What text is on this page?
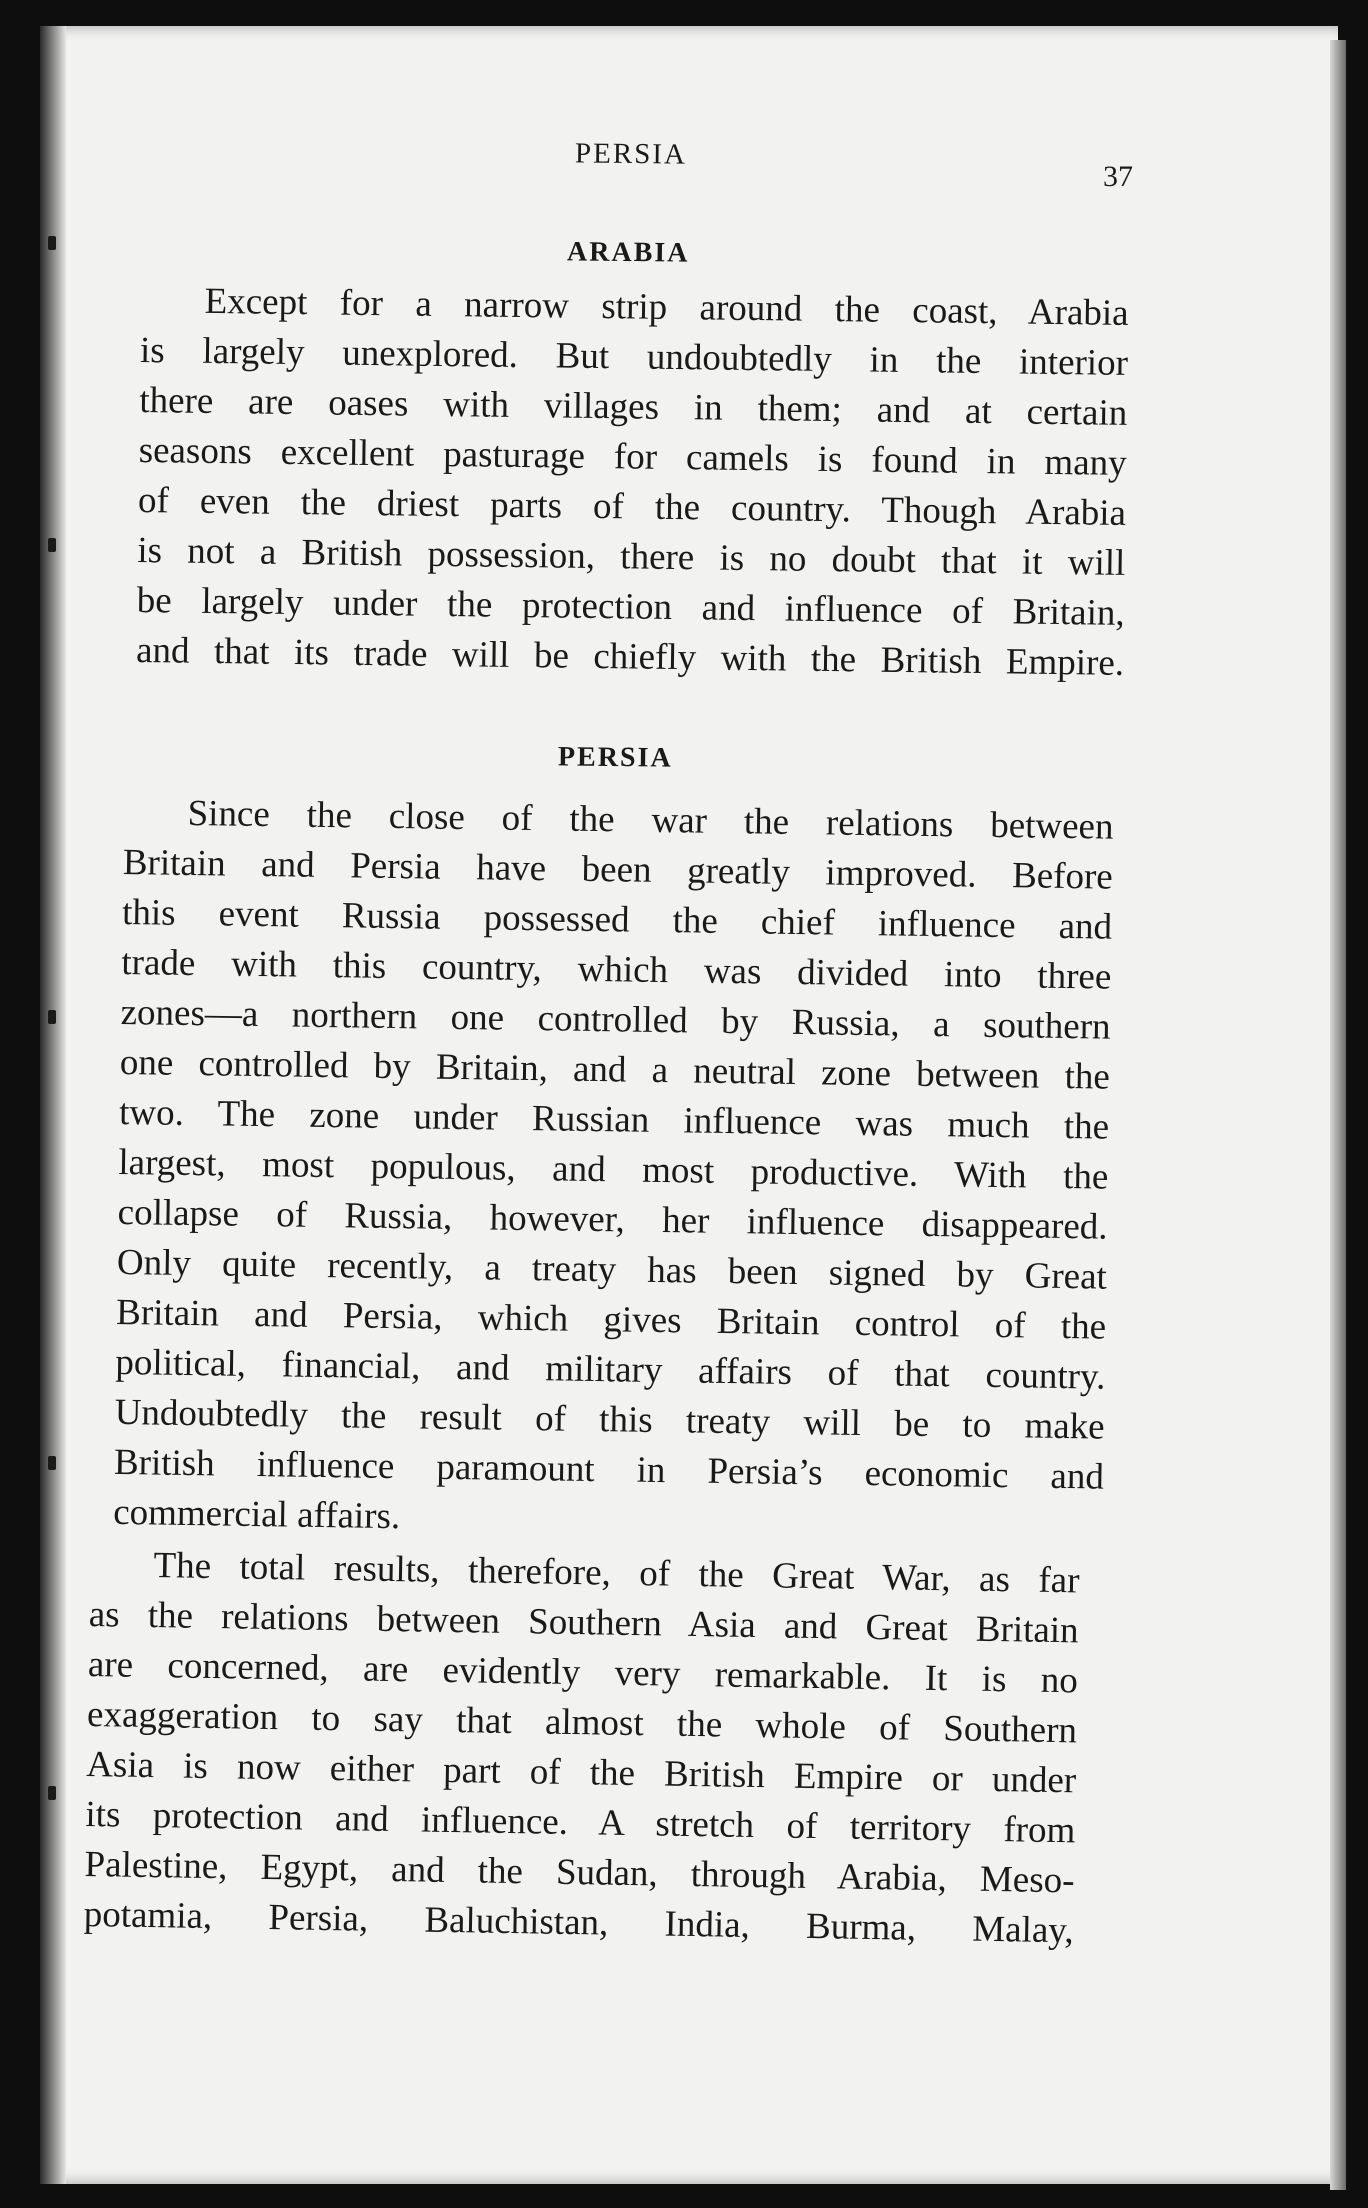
PERSIA

37

ARABIA

Except for a narrow strip around the coast, Arabia
is largely unexplored. But undoubtedly in the interior
there are oases with villages in them; and at certain
seasons excellent pasturage for camels is found in many
of even the driest parts of the country. Though Arabia
is not a British possession, there is no doubt that it will
be largely under the protection and influence of Britain,
and that its trade will be chiefly with the British Empire.

PERSIA

Since the close of the war the relations between
Britain and Persia have been greatly improved. Before
this event Russia possessed the chief influence and
trade with this country, which was divided into three
zones—a northern one controlled by Russia, a southern
one controlled by Britain, and a neutral zone between the
two. The zone under Russian influence was much the
largest, most populous, and most productive. With the
collapse of Russia, however, her influence disappeared.
Only quite recently, a treaty has been signed by Great
Britain and Persia, which gives Britain control of the
political, financial, and military affairs of that country.
Undoubtedly the result of this treaty will be to make
British influence paramount in Persia’s economic and
commercial affairs.
The total results, therefore, of the Great War, as far
as the relations between Southern Asia and Great Britain
are concerned, are evidently very remarkable. It is no
exaggeration to say that almost the whole of Southern
Asia is now either part of the British Empire or under
its protection and influence. A stretch of territory from
Palestine, Egypt, and the Sudan, through Arabia, Meso-
potamia, Persia, Baluchistan, India, Burma, Malay,
